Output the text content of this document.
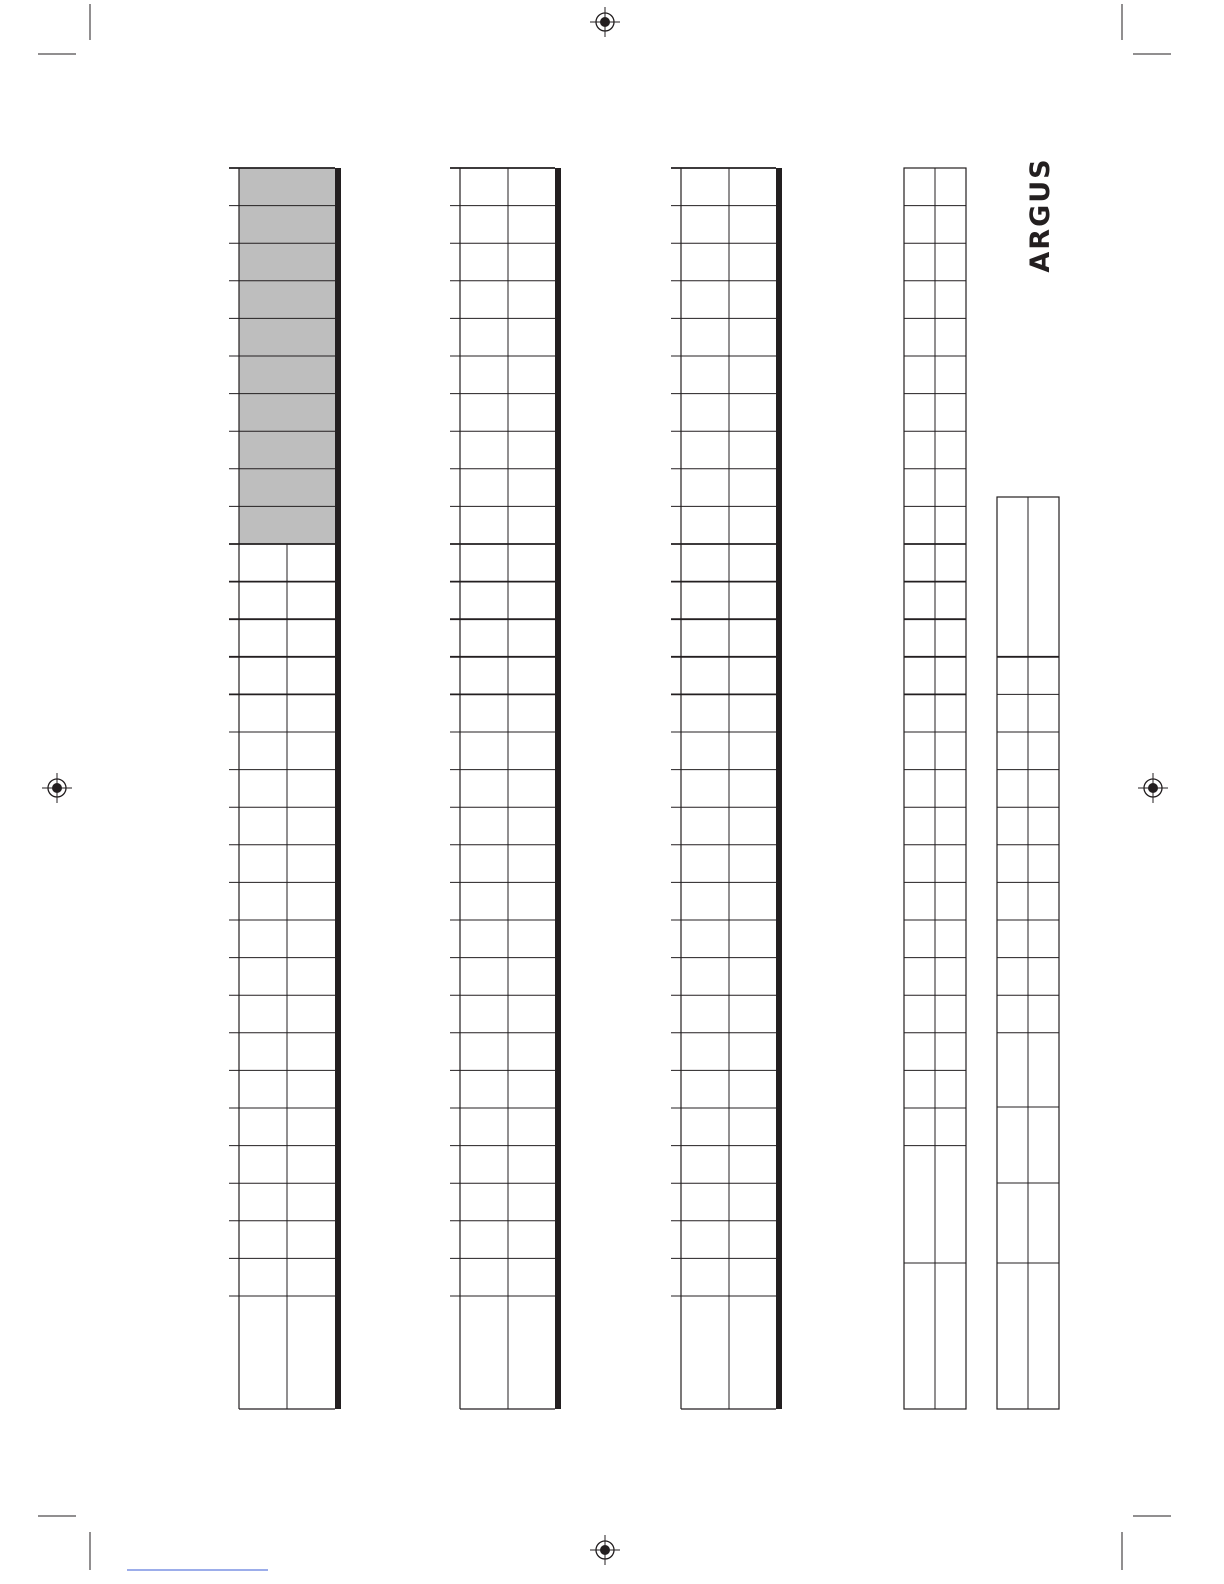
ARGUS
